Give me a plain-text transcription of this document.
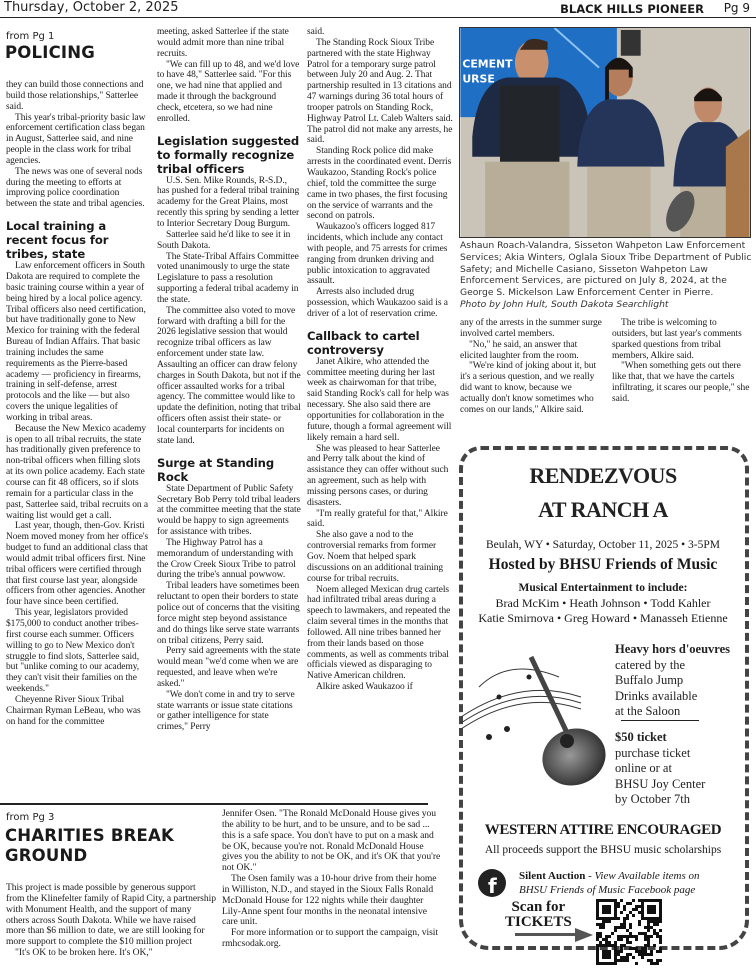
Thursday, October 2, 2025	BLACK HILLS PIONEER Pg 9
from Pg 1
POLICING

they can build those connections and build those relationships," Satterlee said.

This year's tribal-priority basic law enforcement certification class began in August, Satterlee said, and nine people in the class work for tribal agencies.

The news was one of several nods during the meeting to efforts at improving police coordination between the state and tribal agencies.

Local training a recent focus for tribes, state

Law enforcement officers in South Dakota are required to complete the basic training course within a year of being hired by a local police agency. Tribal officers also need certification, but have traditionally gone to New Mexico for training with the federal Bureau of Indian Affairs. That basic training includes the same requirements as the Pierre-based academy — proficiency in firearms, training in self-defense, arrest protocols and the like — but also covers the unique legalities of working in tribal areas.

Because the New Mexico academy is open to all tribal recruits, the state has traditionally given preference to non-tribal officers when filling slots at its own police academy. Each state course can fit 48 officers, so if slots remain for a particular class in the past, Satterlee said, tribal recruits on a waiting list would get a call.

Last year, though, then-Gov. Kristi Noem moved money from her office's budget to fund an additional class that would admit tribal officers first. Nine tribal officers were certified through that first course last year, alongside officers from other agencies. Another four have since been certified.

This year, legislators provided $175,000 to conduct another tribes-first course each summer. Officers willing to go to New Mexico don't struggle to find slots, Satterlee said, but "unlike coming to our academy, they can't visit their families on the weekends."

Cheyenne River Sioux Tribal Chairman Ryman LeBeau, who was on hand for the committee

meeting, asked Satterlee if the state would admit more than nine tribal recruits.

"We can fill up to 48, and we'd love to have 48," Satterlee said. "For this one, we had nine that applied and made it through the background check, etcetera, so we had nine enrolled.

Legislation suggested to formally recognize tribal officers

U.S. Sen. Mike Rounds, R-S.D., has pushed for a federal tribal training academy for the Great Plains, most recently this spring by sending a letter to Interior Secretary Doug Burgum.

Satterlee said he'd like to see it in South Dakota.

The State-Tribal Affairs Committee voted unanimously to urge the state Legislature to pass a resolution supporting a federal tribal academy in the state.

The committee also voted to move forward with drafting a bill for the 2026 legislative session that would recognize tribal officers as law enforcement under state law. Assaulting an officer can draw felony charges in South Dakota, but not if the officer assaulted works for a tribal agency. The committee would like to update the definition, noting that tribal officers often assist their state- or local counterparts for incidents on state land.

Surge at Standing Rock

State Department of Public Safety Secretary Bob Perry told tribal leaders at the committee meeting that the state would be happy to sign agreements for assistance with tribes.

The Highway Patrol has a memorandum of understanding with the Crow Creek Sioux Tribe to patrol during the tribe's annual powwow.

Tribal leaders have sometimes been reluctant to open their borders to state police out of concerns that the visiting force might step beyond assistance and do things like serve state warrants on tribal citizens, Perry said.

Perry said agreements with the state would mean "we'd come when we are requested, and leave when we're asked."

"We don't come in and try to serve state warrants or issue state citations or gather intelligence for state crimes," Perry

said.

The Standing Rock Sioux Tribe partnered with the state Highway Patrol for a temporary surge patrol between July 20 and Aug. 2. That partnership resulted in 13 citations and 47 warnings during 36 total hours of trooper patrols on Standing Rock, Highway Patrol Lt. Caleb Walters said. The patrol did not make any arrests, he said.

Standing Rock police did make arrests in the coordinated event. Derris Waukazoo, Standing Rock's police chief, told the committee the surge came in two phases, the first focusing on the service of warrants and the second on patrols.

Waukazoo's officers logged 817 incidents, which include any contact with people, and 75 arrests for crimes ranging from drunken driving and public intoxication to aggravated assault.

Arrests also included drug possession, which Waukazoo said is a driver of a lot of reservation crime.

Callback to cartel controversy

Janet Alkire, who attended the committee meeting during her last week as chairwoman for that tribe, said Standing Rock's call for help was necessary. She also said there are opportunities for collaboration in the future, though a formal agreement will likely remain a hard sell.

She was pleased to hear Satterlee and Perry talk about the kind of assistance they can offer without such an agreement, such as help with missing persons cases, or during disasters.

"I'm really grateful for that," Alkire said.

She also gave a nod to the controversial remarks from former Gov. Noem that helped spark discussions on an additional training course for tribal recruits.

Noem alleged Mexican drug cartels had infiltrated tribal areas during a speech to lawmakers, and repeated the claim several times in the months that followed. All nine tribes banned her from their lands based on those comments, as well as comments tribal officials viewed as disparaging to Native American children.

Alkire asked Waukazoo if

CEMENT
URSE
Ashaun Roach-Valandra, Sisseton Wahpeton Law Enforcement Services; Akia Winters, Oglala Sioux Tribe Department of Public Safety; and Michelle Casiano, Sisseton Wahpeton Law Enforcement Services, are pictured on July 8, 2024, at the George S. Mickelson Law Enforcement Center in Pierre.
Photo by John Hult, South Dakota Searchlight

any of the arrests in the summer surge involved cartel members.

"No," he said, an answer that elicited laughter from the room.

"We're kind of joking about it, but it's a serious question, and we really did want to know, because we actually don't know sometimes who comes on our lands," Alkire said.

The tribe is welcoming to outsiders, but last year's comments sparked questions from tribal members, Alkire said.

"When something gets out there like that, that we have the cartels infiltrating, it scares our people," she said.

from Pg 3
CHARITIES BREAK
GROUND

This project is made possible by generous support from the Klinefelter family of Rapid City, a partnership with Monument Health, and the support of many others across South Dakota. While we have raised more than $6 million to date, we are still looking for more support to complete the $10 million project

"It's OK to be broken here. It's OK,"

Jennifer Osen. "The Ronald McDonald House gives you the ability to be hurt, and to be unsure, and to be sad ... this is a safe space. You don't have to put on a mask and be OK, because you're not. Ronald McDonald House gives you the ability to not be OK, and it's OK that you're not OK."

The Osen family was a 10-hour drive from their home in Williston, N.D., and stayed in the Sioux Falls Ronald McDonald House for 122 nights while their daughter Lily-Anne spent four months in the neonatal intensive care unit.

For more information or to support the campaign, visit rmhcsodak.org.

RENDEZVOUS
AT RANCH A
Beulah, WY • Saturday, October 11, 2025 • 3-5PM
Hosted by BHSU Friends of Music
Musical Entertainment to include:
Brad McKim • Heath Johnson • Todd Kahler
Katie Smirnova • Greg Howard • Manasseh Etienne
Heavy hors d'oeuvres
catered by the
Buffalo Jump
Drinks available
at the Saloon
$50 ticket
purchase ticket
online or at
BHSU Joy Center
by October 7th
WESTERN ATTIRE ENCOURAGED
All proceeds support the BHSU music scholarships
f Silent Auction - View Available items on
BHSU Friends of Music Facebook page
Scan for
TICKETS
